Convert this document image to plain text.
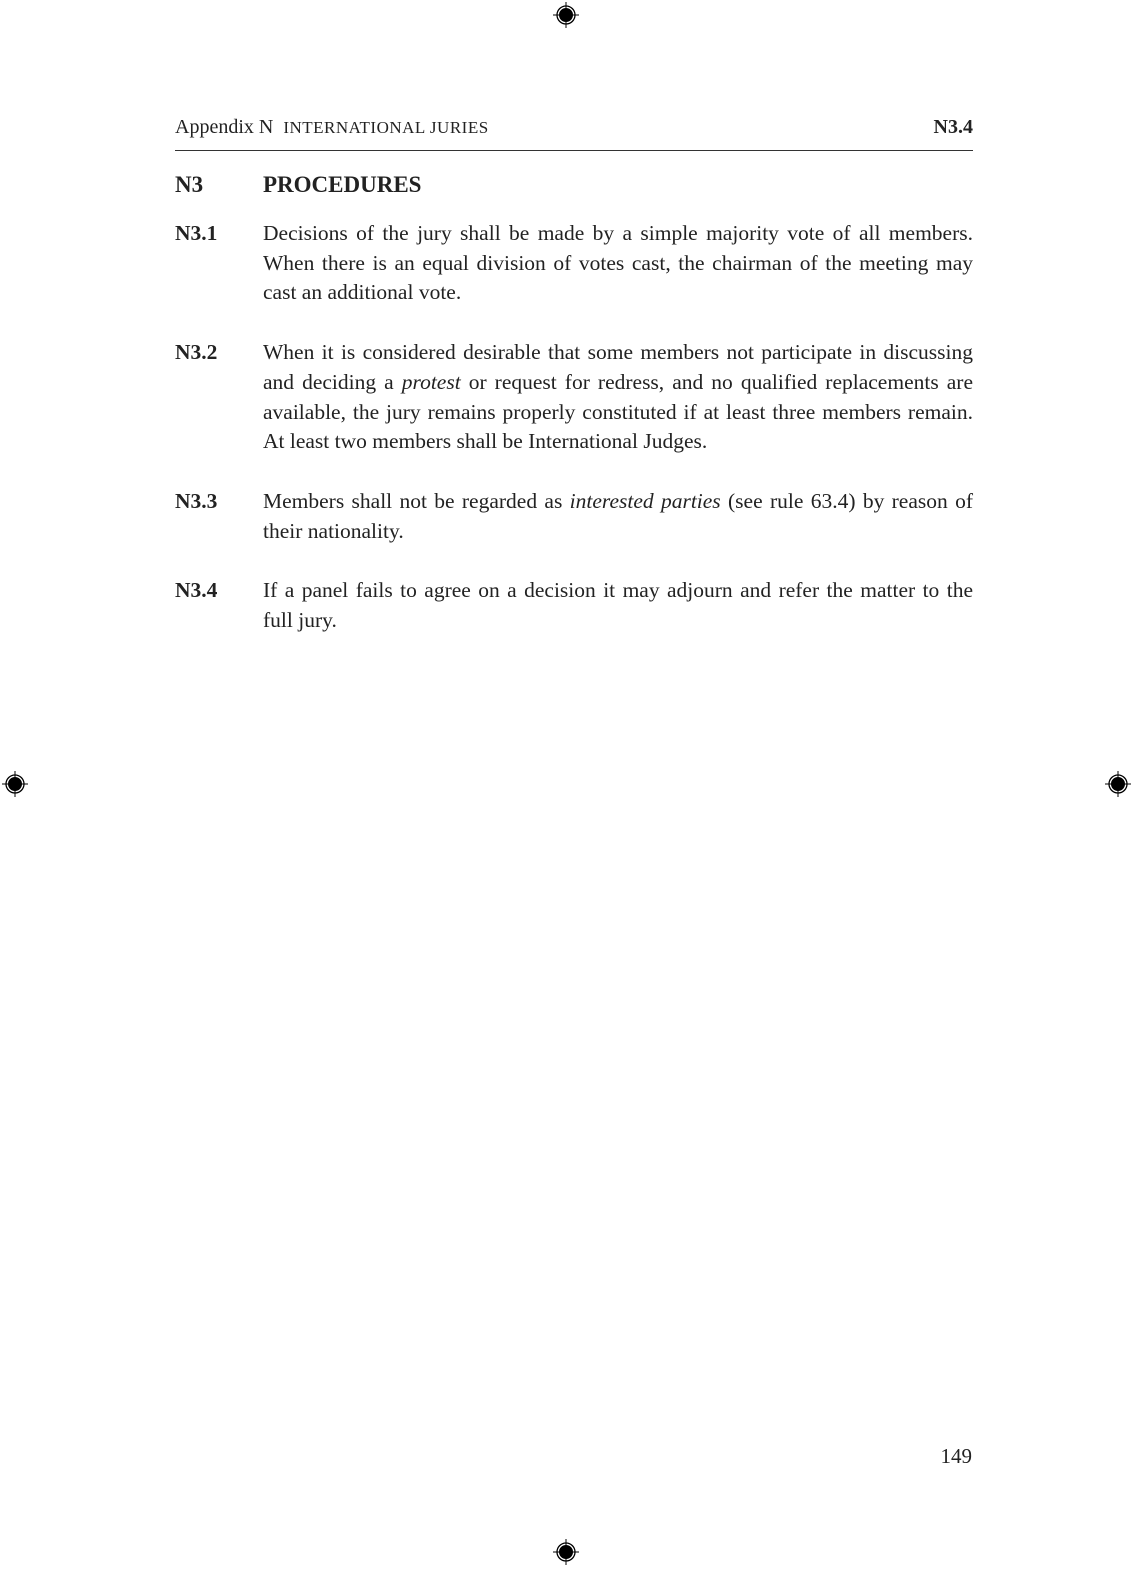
Appendix N INTERNATIONAL JURIES	N3.4
N3	PROCEDURES
N3.1 Decisions of the jury shall be made by a simple majority vote of all members. When there is an equal division of votes cast, the chairman of the meeting may cast an additional vote.
N3.2 When it is considered desirable that some members not participate in discussing and deciding a protest or request for redress, and no qualified replacements are available, the jury remains properly constituted if at least three members remain. At least two members shall be International Judges.
N3.3 Members shall not be regarded as interested parties (see rule 63.4) by reason of their nationality.
N3.4 If a panel fails to agree on a decision it may adjourn and refer the matter to the full jury.
149
